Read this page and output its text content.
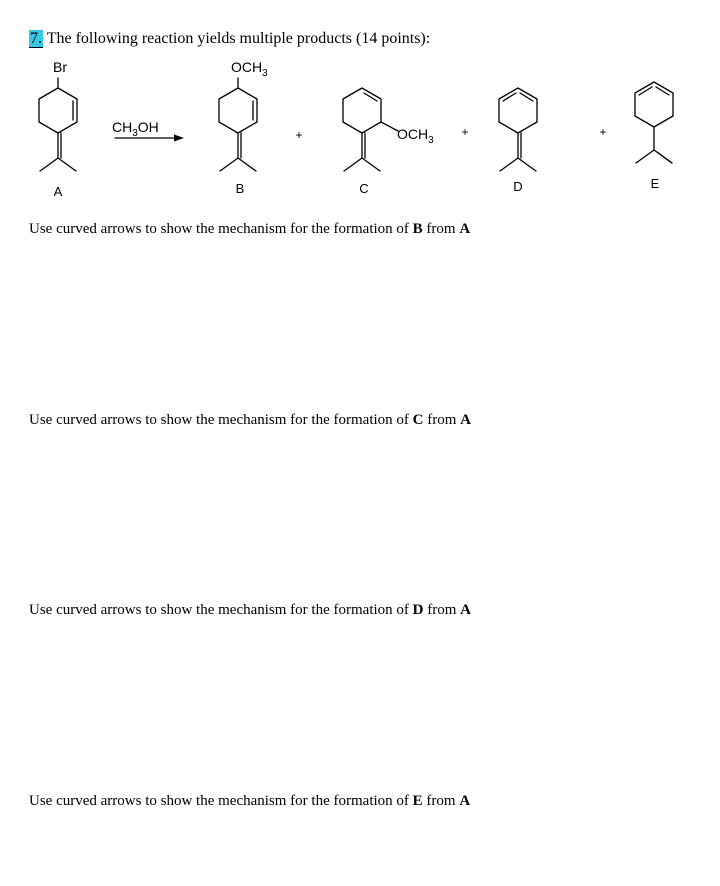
7. The following reaction yields multiple products (14 points):
Br
A
$CH_3OH$
$OCH_3$
B
+	$OCH_3$
C
+
D
+
E
Use curved arrows to show the mechanism for the formation of B from A
Use curved arrows to show the mechanism for the formation of C from A
Use curved arrows to show the mechanism for the formation of D from A
Use curved arrows to show the mechanism for the formation of E from A
